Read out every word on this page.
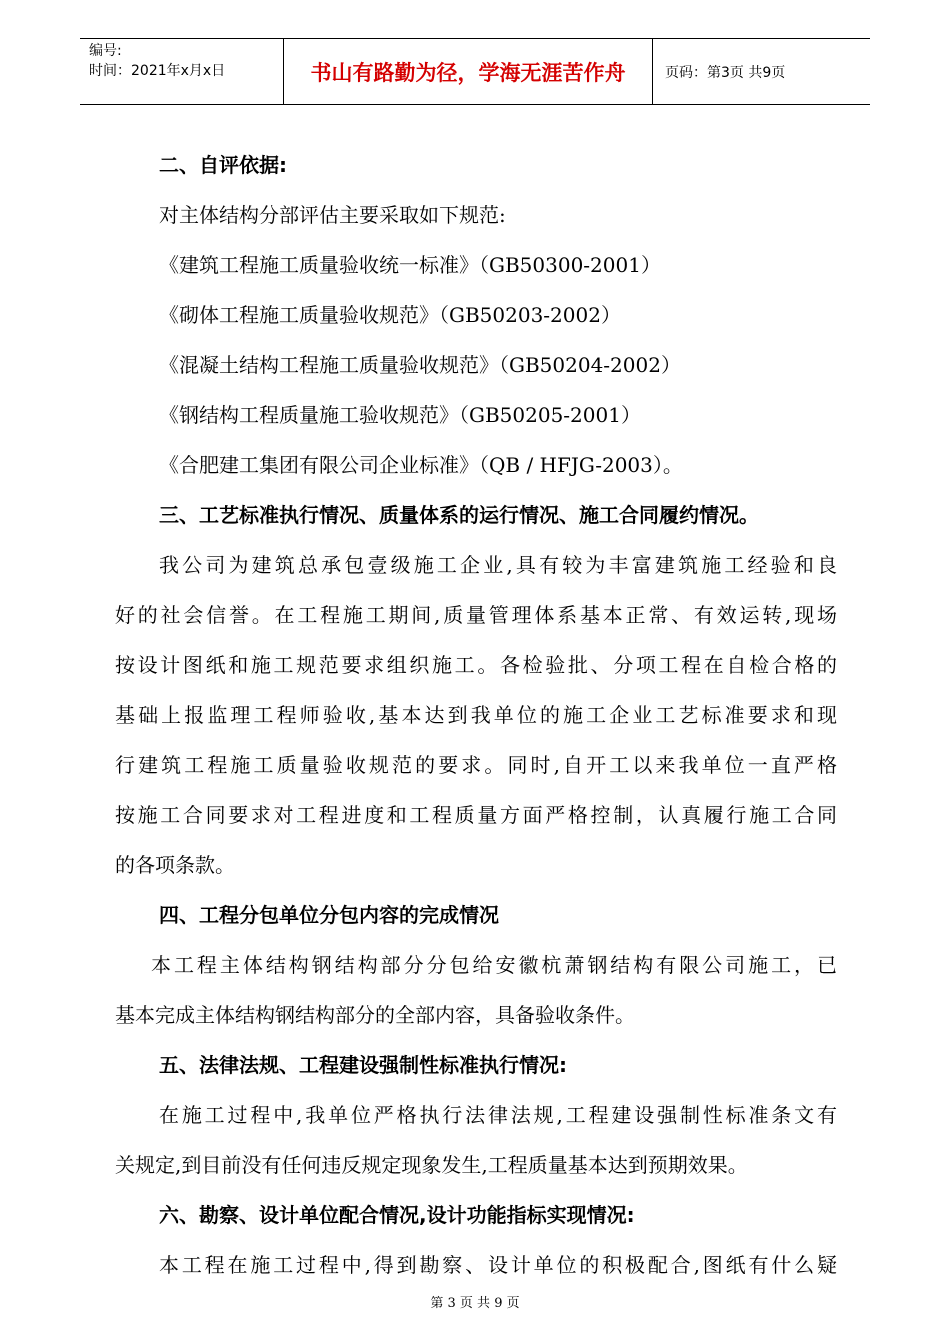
编号:
时间：2021年x月x日	书山有路勤为径，学海无涯苦作舟	页码：第3页 共9页
二、自评依据:
对主体结构分部评估主要采取如下规范:
《建筑工程施工质量验收统一标准》（GB50300-2001）
《砌体工程施工质量验收规范》（GB50203-2002）
《混凝土结构工程施工质量验收规范》（GB50204-2002）
《钢结构工程质量施工验收规范》（GB50205-2001）
《合肥建工集团有限公司企业标准》（QB / HFJG-2003）。
三、工艺标准执行情况、质量体系的运行情况、施工合同履约情况。
我公司为建筑总承包壹级施工企业,具有较为丰富建筑施工经验和良
好的社会信誉。在工程施工期间,质量管理体系基本正常、有效运转,现场
按设计图纸和施工规范要求组织施工。各检验批、分项工程在自检合格的
基础上报监理工程师验收,基本达到我单位的施工企业工艺标准要求和现
行建筑工程施工质量验收规范的要求。同时,自开工以来我单位一直严格
按施工合同要求对工程进度和工程质量方面严格控制，认真履行施工合同
的各项条款。
四、工程分包单位分包内容的完成情况
本工程主体结构钢结构部分分包给安徽杭萧钢结构有限公司施工，已
基本完成主体结构钢结构部分的全部内容，具备验收条件。
五、法律法规、工程建设强制性标准执行情况:
在施工过程中,我单位严格执行法律法规,工程建设强制性标准条文有
关规定,到目前没有任何违反规定现象发生,工程质量基本达到预期效果。
六、勘察、设计单位配合情况,设计功能指标实现情况:
本工程在施工过程中,得到勘察、设计单位的积极配合,图纸有什么疑
第 3 页 共 9 页
